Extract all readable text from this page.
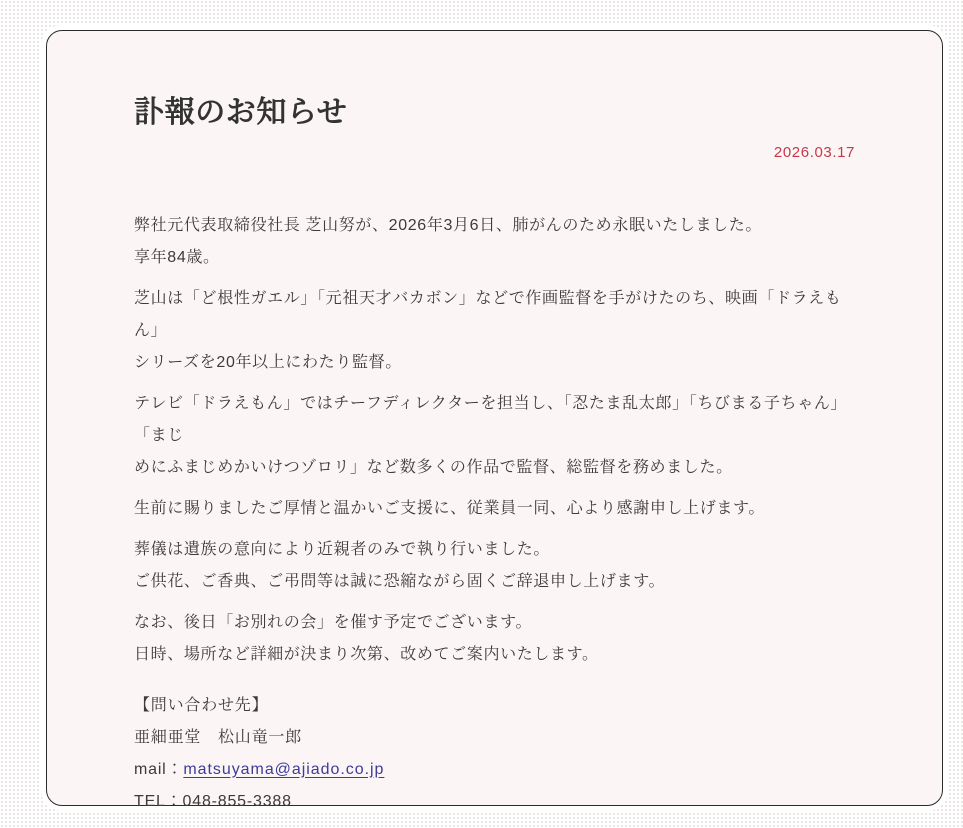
訃報のお知らせ
2026.03.17

弊社元代表取締役社長 芝山努が、2026年3月6日、肺がんのため永眠いたしました。
享年84歳。

芝山は「ど根性ガエル」「元祖天才バカボン」などで作画監督を手がけたのち、映画「ドラえもん」
シリーズを20年以上にわたり監督。

テレビ「ドラえもん」ではチーフディレクターを担当し、「忍たま乱太郎」「ちびまる子ちゃん」「まじ
めにふまじめかいけつゾロリ」など数多くの作品で監督、総監督を務めました。

生前に賜りましたご厚情と温かいご支援に、従業員一同、心より感謝申し上げます。

葬儀は遺族の意向により近親者のみで執り行いました。
ご供花、ご香典、ご弔問等は誠に恐縮ながら固くご辞退申し上げます。

なお、後日「お別れの会」を催す予定でございます。
日時、場所など詳細が決まり次第、改めてご案内いたします。

【問い合わせ先】
亜細亜堂　松山竜一郎
mail：matsuyama@ajiado.co.jp
TEL：048-855-3388
